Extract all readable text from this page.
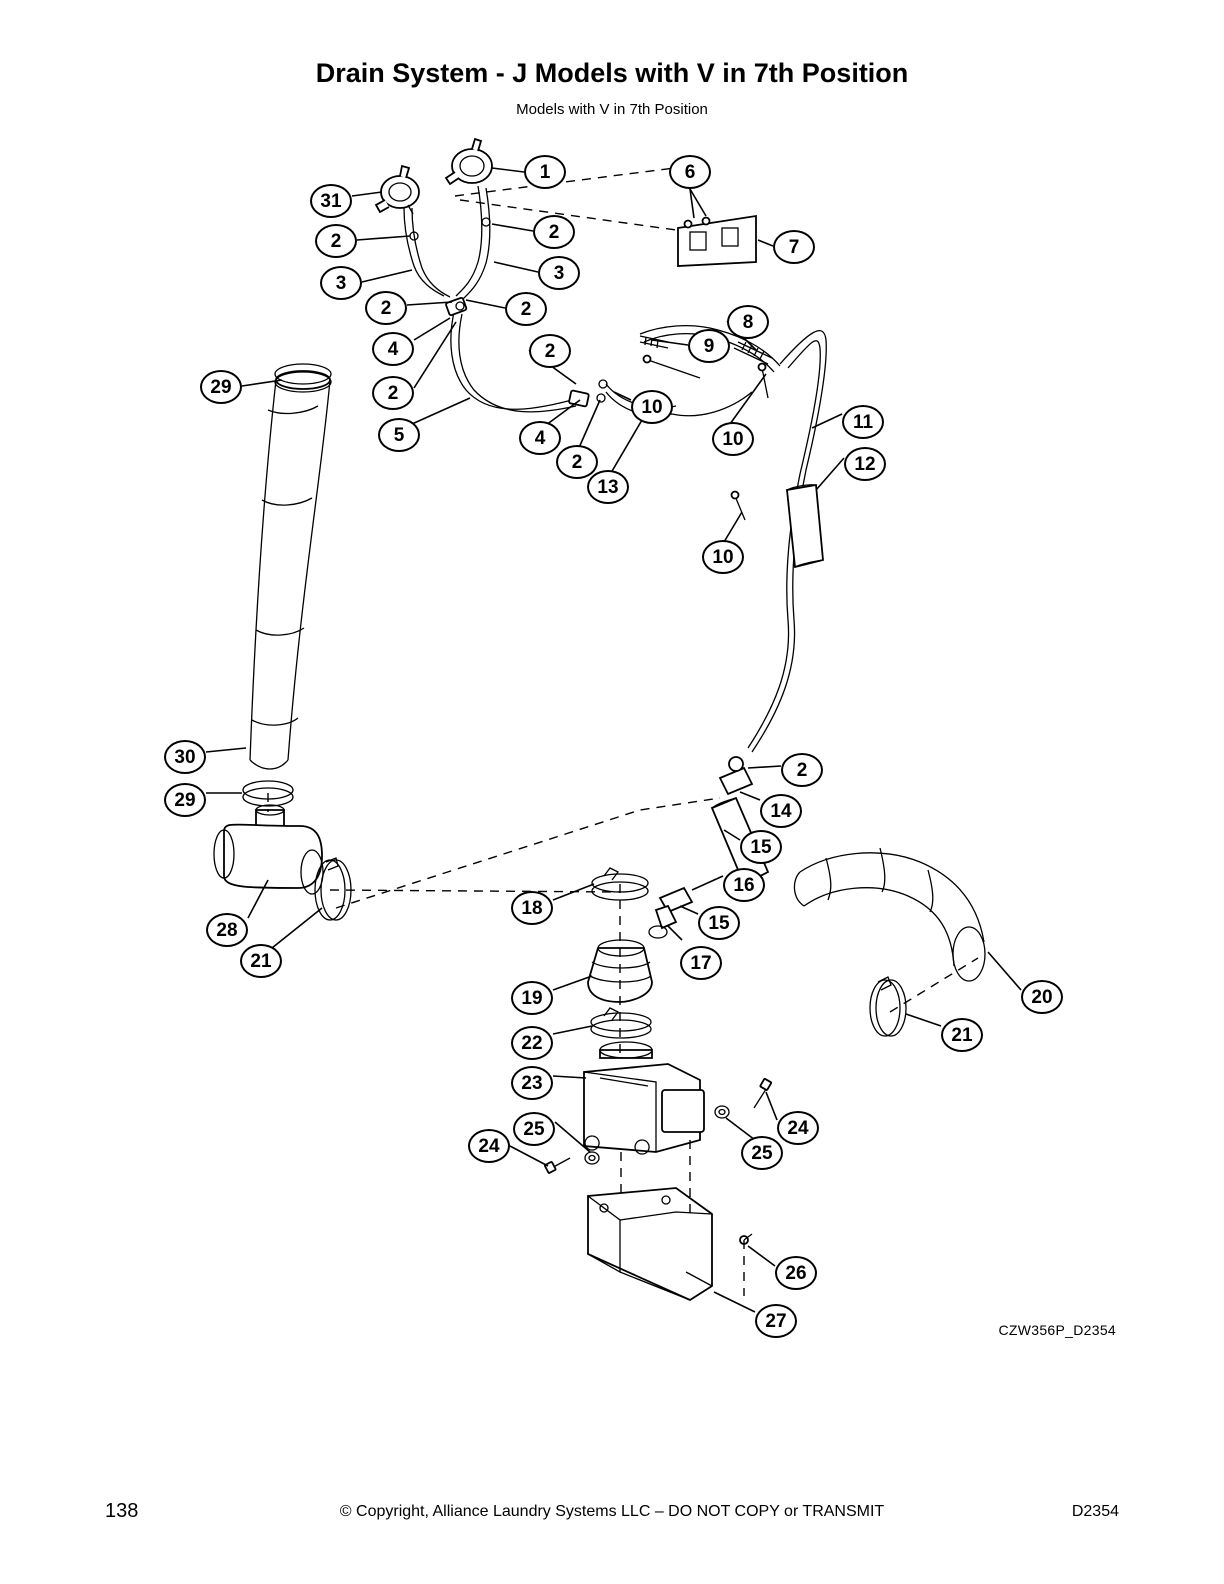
Drain System - J Models with V in 7th Position
Models with V in 7th Position
1
31
6
2
7
2
3
3
2	2
8
4	9
2
29	2
10
11
5	4	10
12
2
13
10
30
29
2
14
15
16
18
15
28
21	17
19	20
21
22
23
24
25
25
24
26
27	CZW356P_D2354
138	© Copyright, Alliance Laundry Systems LLC – DO NOT COPY or TRANSMIT	D2354
